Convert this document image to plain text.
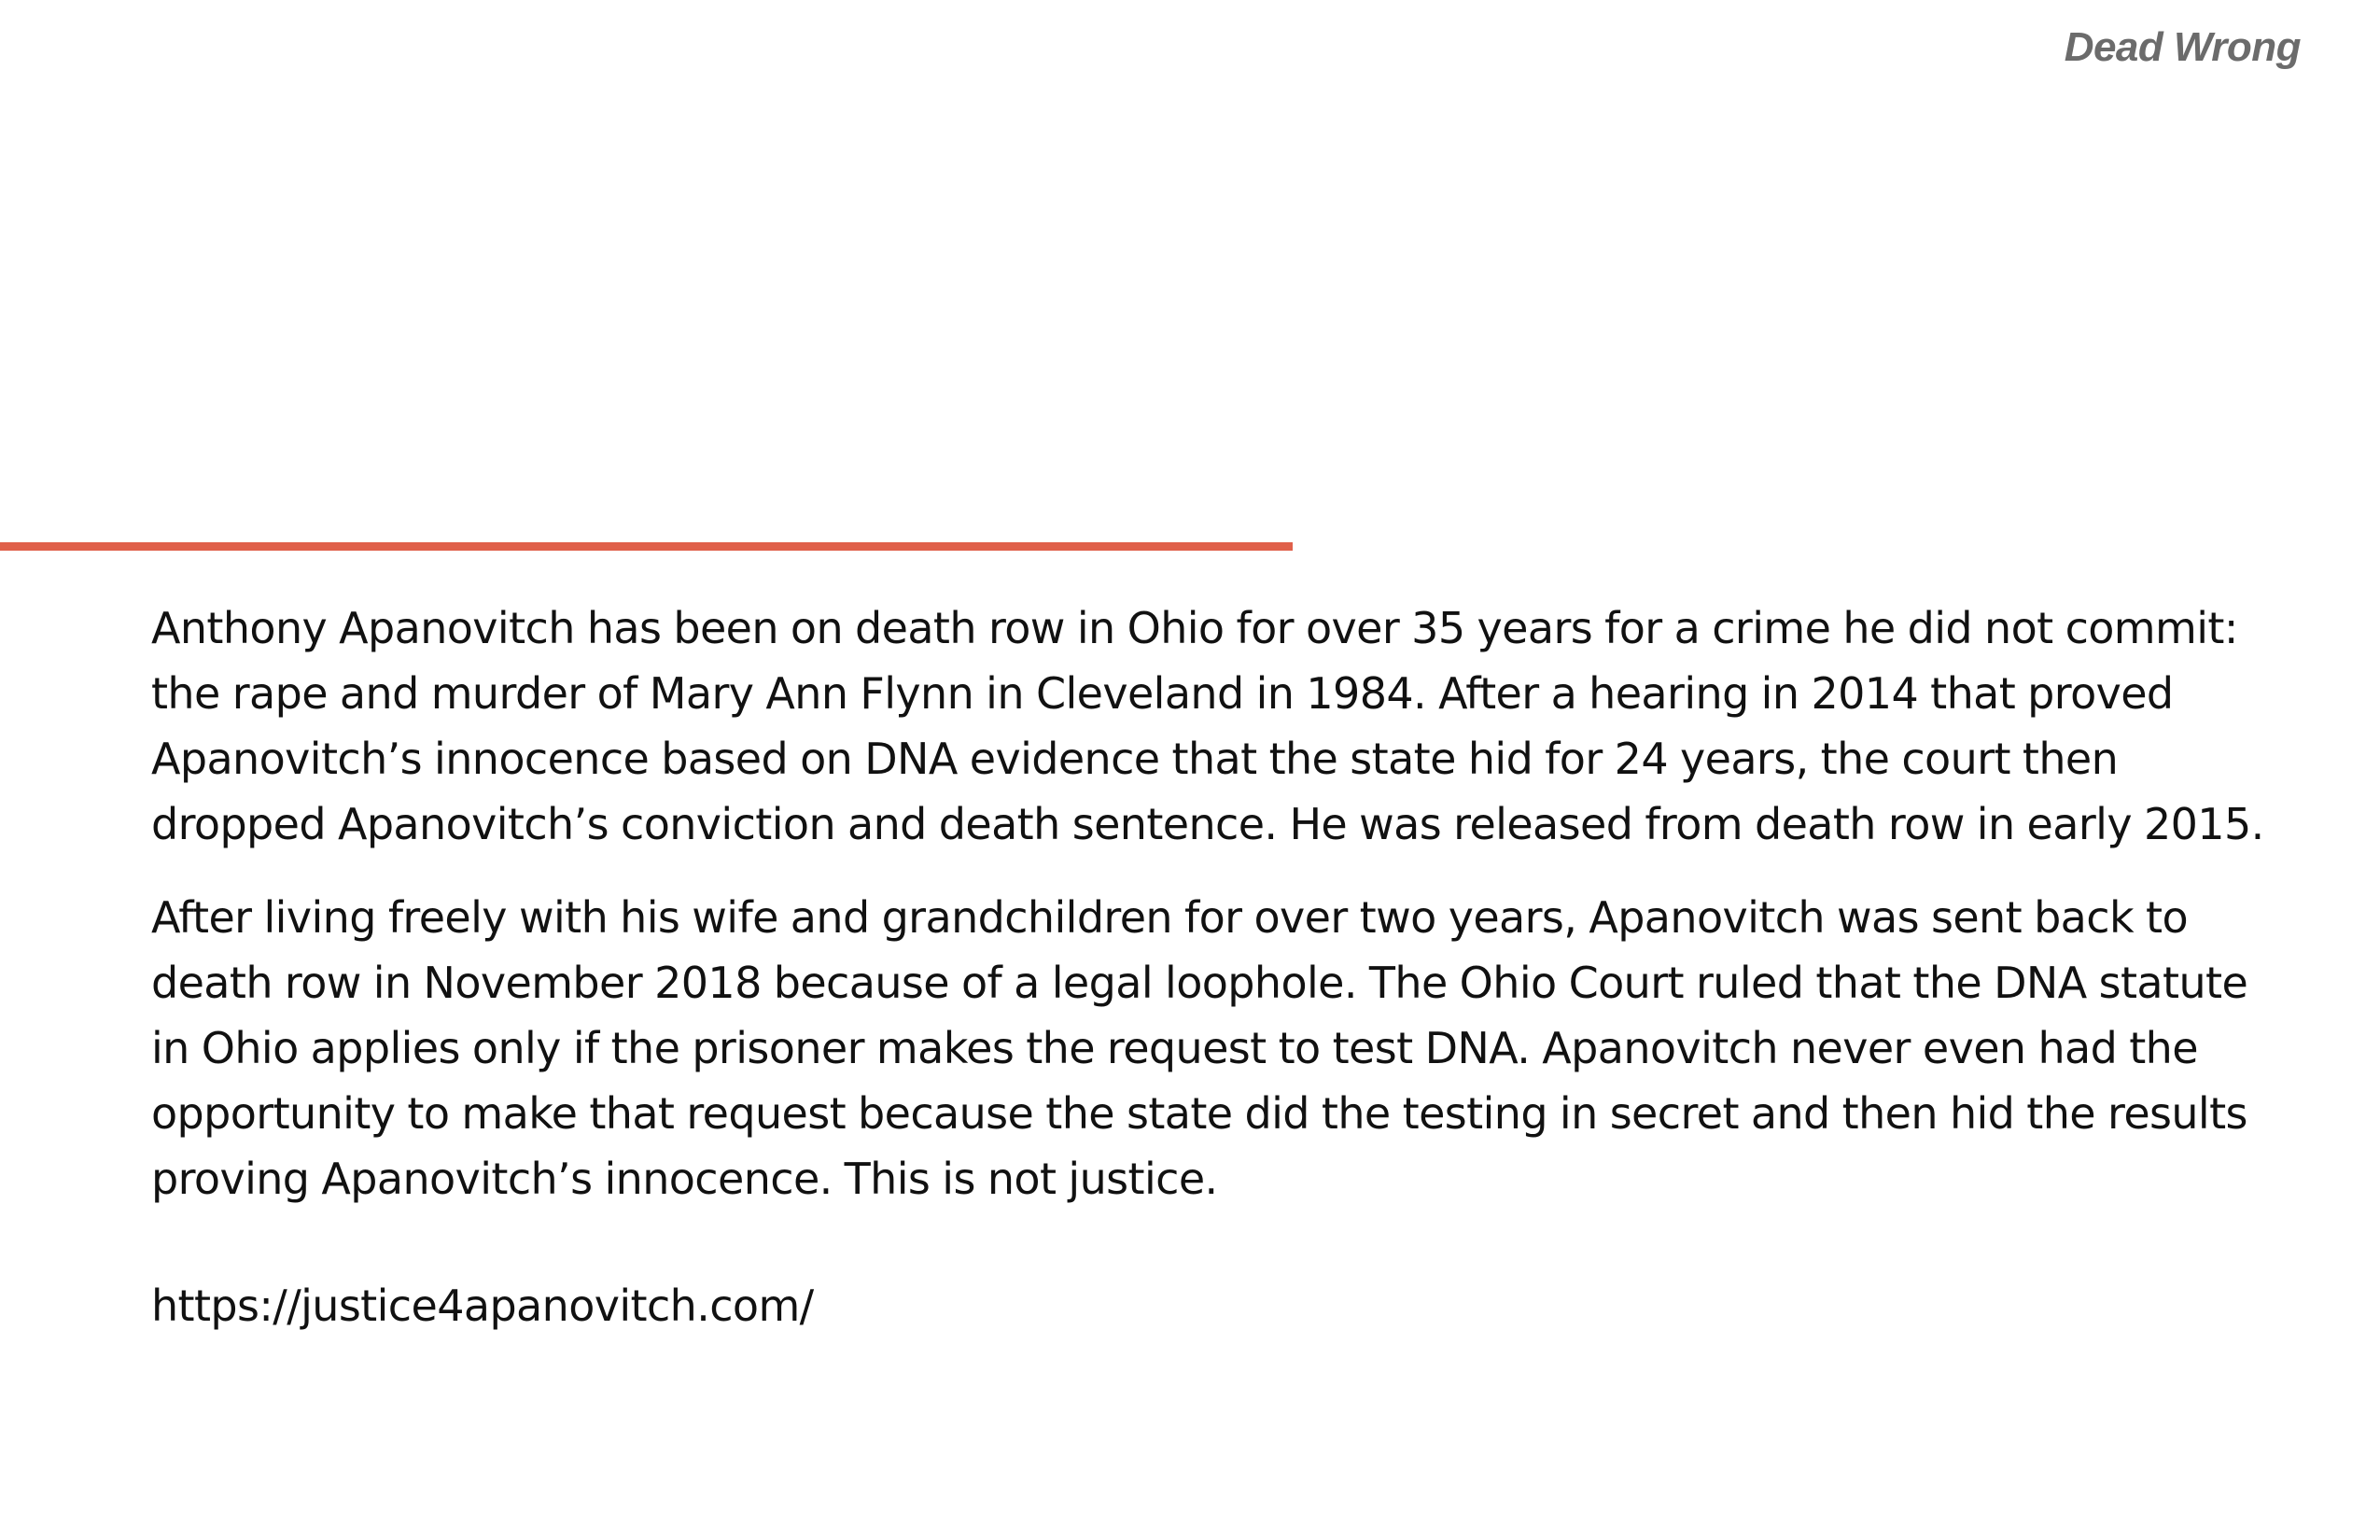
Dead Wrong

Anthony Apanovitch has been on death row in Ohio for over 35 years for a crime he did not commit: the rape and murder of Mary Ann Flynn in Cleveland in 1984. After a hearing in 2014 that proved Apanovitch’s innocence based on DNA evidence that the state hid for 24 years, the court then dropped Apanovitch’s conviction and death sentence. He was released from death row in early 2015.

After living freely with his wife and grandchildren for over two years, Apanovitch was sent back to death row in November 2018 because of a legal loophole. The Ohio Court ruled that the DNA statute in Ohio applies only if the prisoner makes the request to test DNA. Apanovitch never even had the opportunity to make that request because the state did the testing in secret and then hid the results proving Apanovitch’s innocence. This is not justice.

https://justice4apanovitch.com/
